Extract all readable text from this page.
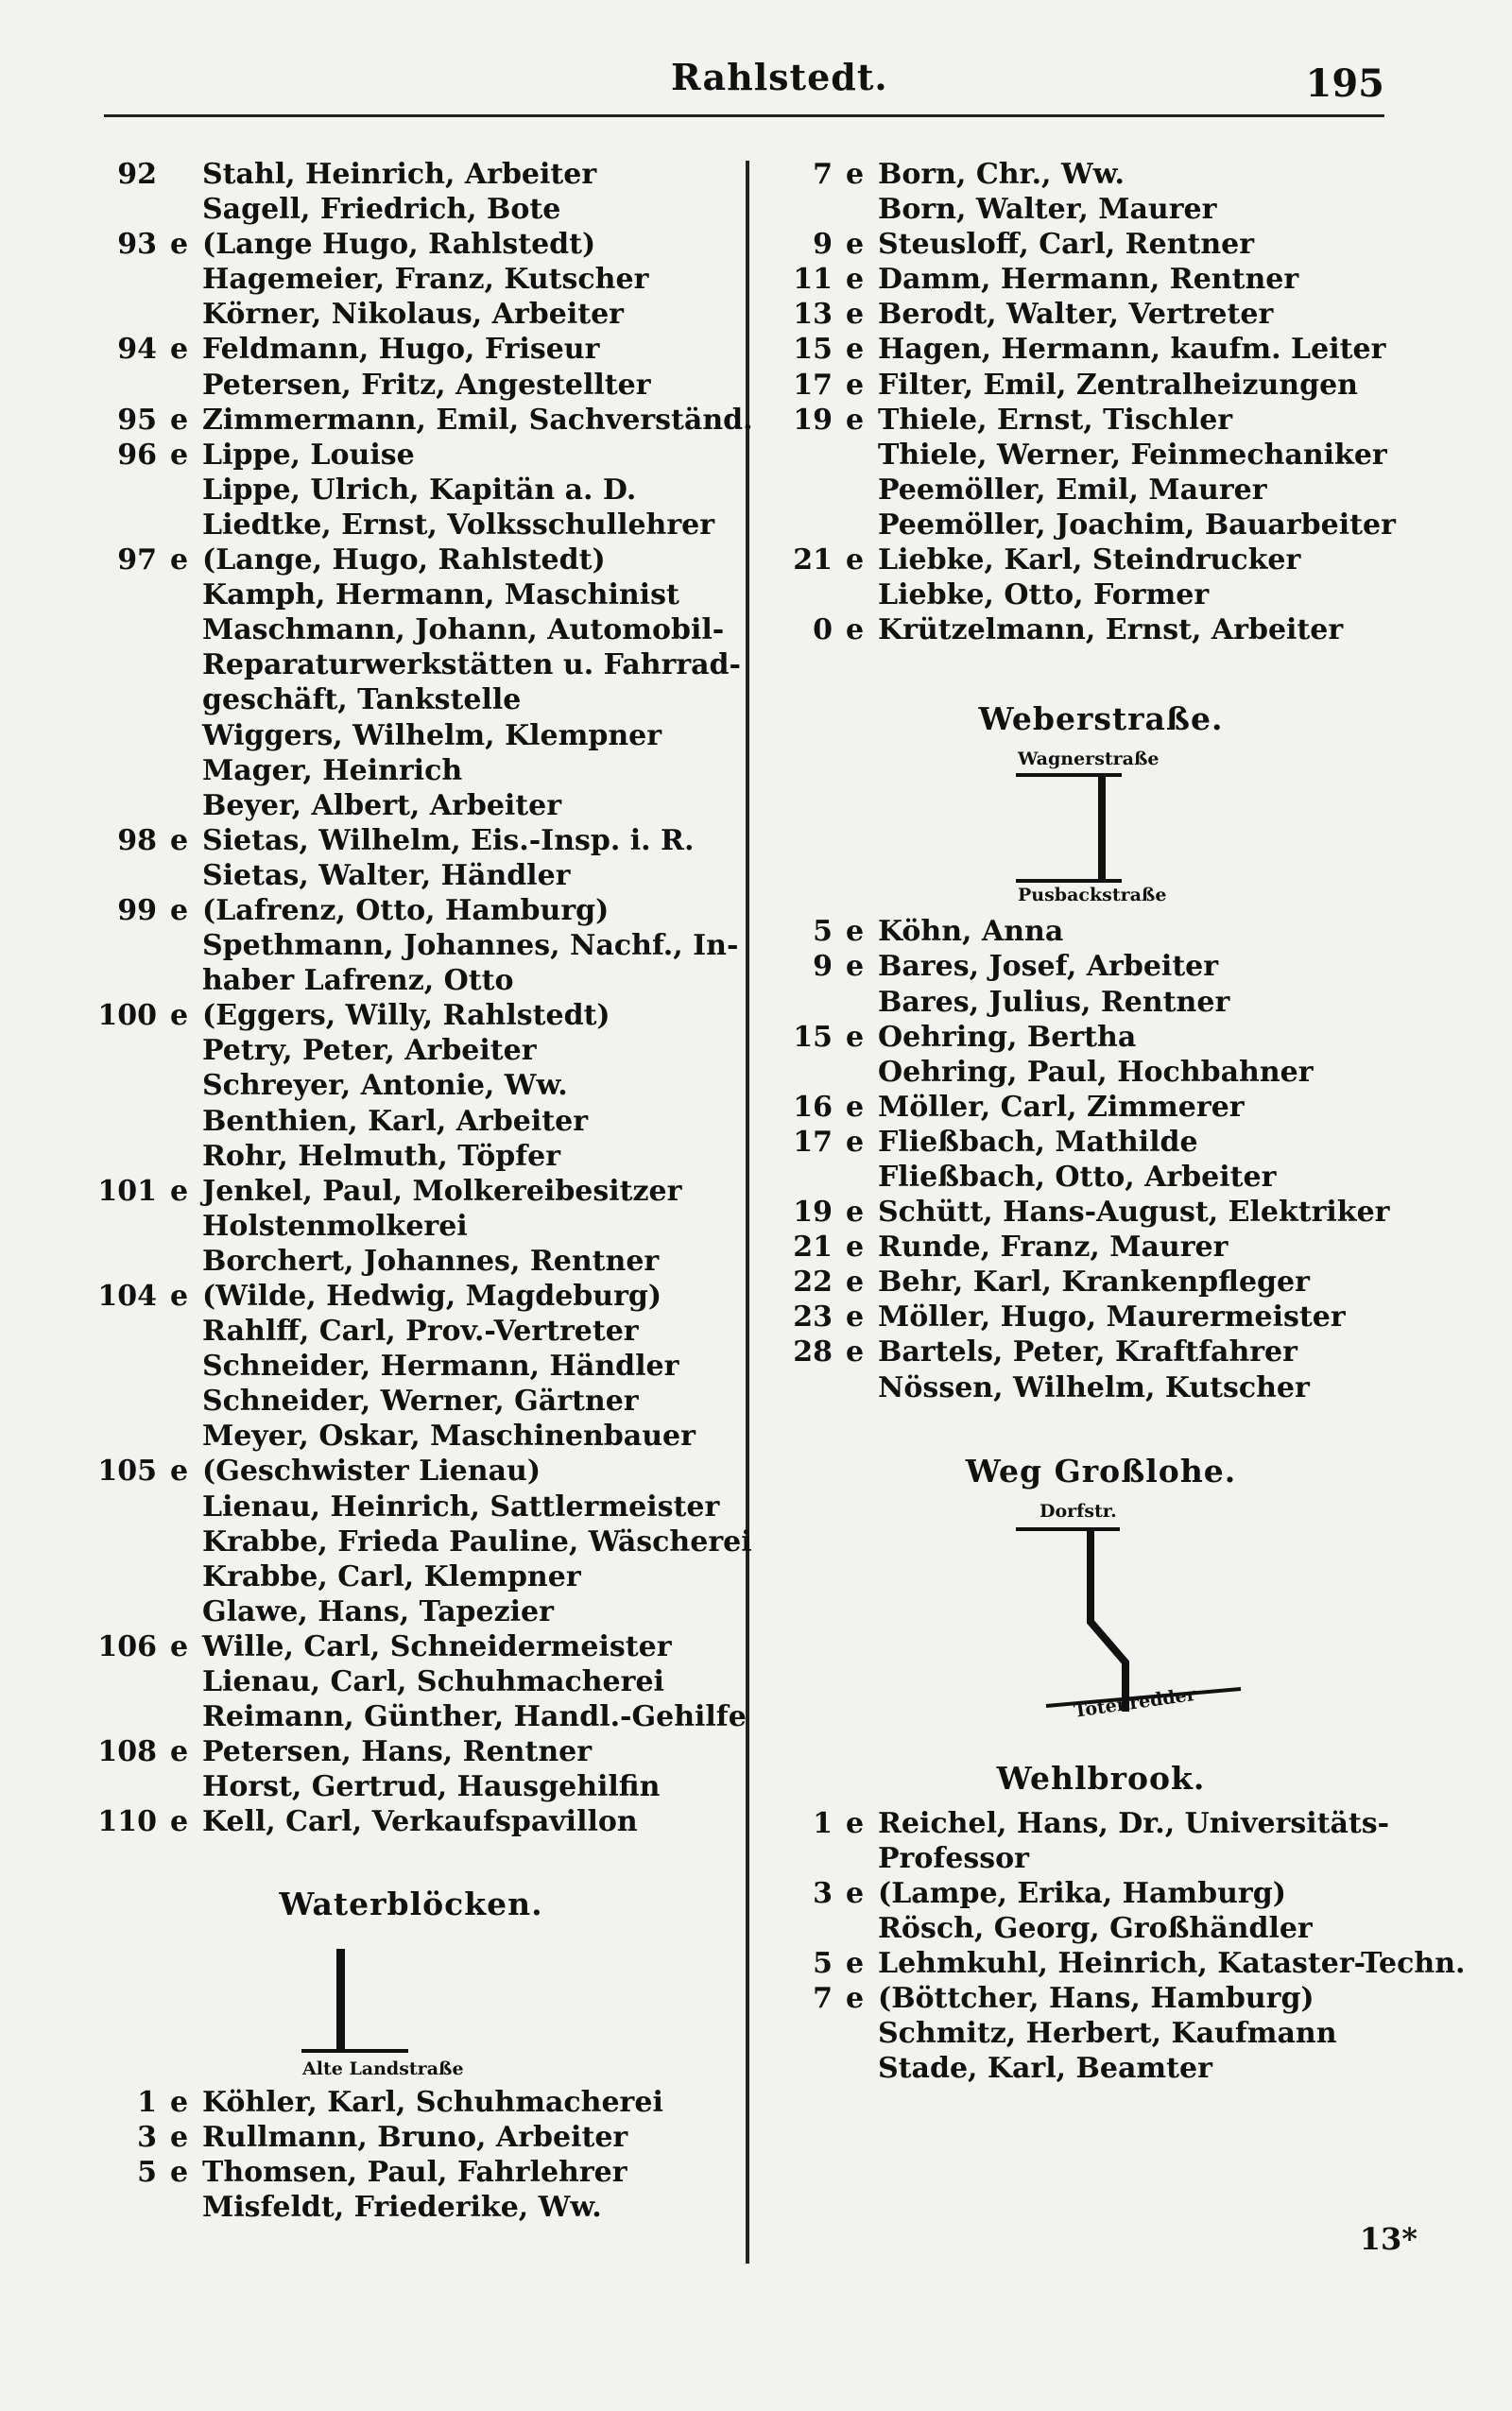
Rahlstedt.	195
92 Stahl, Heinrich, Arbeiter
Sagell, Friedrich, Bote
93 e (Lange Hugo, Rahlstedt)
Hagemeier, Franz, Kutscher
Körner, Nikolaus, Arbeiter
94 e Feldmann, Hugo, Friseur
Petersen, Fritz, Angestellter
95 e Zimmermann, Emil, Sachverständ.
96 e Lippe, Louise
Lippe, Ulrich, Kapitän a. D.
Liedtke, Ernst, Volksschullehrer
97 e (Lange, Hugo, Rahlstedt)
Kamph, Hermann, Maschinist
Maschmann, Johann, Automobil-
Reparaturwerkstätten u. Fahrrad-
geschäft, Tankstelle
Wiggers, Wilhelm, Klempner
Mager, Heinrich
Beyer, Albert, Arbeiter
98 e Sietas, Wilhelm, Eis.-Insp. i. R.
Sietas, Walter, Händler
99 e (Lafrenz, Otto, Hamburg)
Spethmann, Johannes, Nachf., In-
haber Lafrenz, Otto
100 e (Eggers, Willy, Rahlstedt)
Petry, Peter, Arbeiter
Schreyer, Antonie, Ww.
Benthien, Karl, Arbeiter
Rohr, Helmuth, Töpfer
101 e Jenkel, Paul, Molkereibesitzer
Holstenmolkerei
Borchert, Johannes, Rentner
104 e (Wilde, Hedwig, Magdeburg)
Rahlff, Carl, Prov.-Vertreter
Schneider, Hermann, Händler
Schneider, Werner, Gärtner
Meyer, Oskar, Maschinenbauer
105 e (Geschwister Lienau)
Lienau, Heinrich, Sattlermeister
Krabbe, Frieda Pauline, Wäscherei
Krabbe, Carl, Klempner
Glawe, Hans, Tapezier
106 e Wille, Carl, Schneidermeister
Lienau, Carl, Schuhmacherei
Reimann, Günther, Handl.-Gehilfe
108 e Petersen, Hans, Rentner
Horst, Gertrud, Hausgehilfin
110 e Kell, Carl, Verkaufspavillon
Waterblöcken.
Alte Landstraße
1 e Köhler, Karl, Schuhmacherei
3 e Rullmann, Bruno, Arbeiter
5 e Thomsen, Paul, Fahrlehrer
Misfeldt, Friederike, Ww.
7 e Born, Chr., Ww.
Born, Walter, Maurer
9 e Steusloff, Carl, Rentner
11 e Damm, Hermann, Rentner
13 e Berodt, Walter, Vertreter
15 e Hagen, Hermann, kaufm. Leiter
17 e Filter, Emil, Zentralheizungen
19 e Thiele, Ernst, Tischler
Thiele, Werner, Feinmechaniker
Peemöller, Emil, Maurer
Peemöller, Joachim, Bauarbeiter
21 e Liebke, Karl, Steindrucker
Liebke, Otto, Former
0 e Krützelmann, Ernst, Arbeiter
Weberstraße.
Wagnerstraße
Pusbackstraße
5 e Köhn, Anna
9 e Bares, Josef, Arbeiter
Bares, Julius, Rentner
15 e Oehring, Bertha
Oehring, Paul, Hochbahner
16 e Möller, Carl, Zimmerer
17 e Fließbach, Mathilde
Fließbach, Otto, Arbeiter
19 e Schütt, Hans-August, Elektriker
21 e Runde, Franz, Maurer
22 e Behr, Karl, Krankenpfleger
23 e Möller, Hugo, Maurermeister
28 e Bartels, Peter, Kraftfahrer
Nössen, Wilhelm, Kutscher
Weg Großlohe.
Dorfstr.
Totenredder
Wehlbrook.
1 e Reichel, Hans, Dr., Universitäts-
Professor
3 e (Lampe, Erika, Hamburg)
Rösch, Georg, Großhändler
5 e Lehmkuhl, Heinrich, Kataster-Techn.
7 e (Böttcher, Hans, Hamburg)
Schmitz, Herbert, Kaufmann
Stade, Karl, Beamter
13*
